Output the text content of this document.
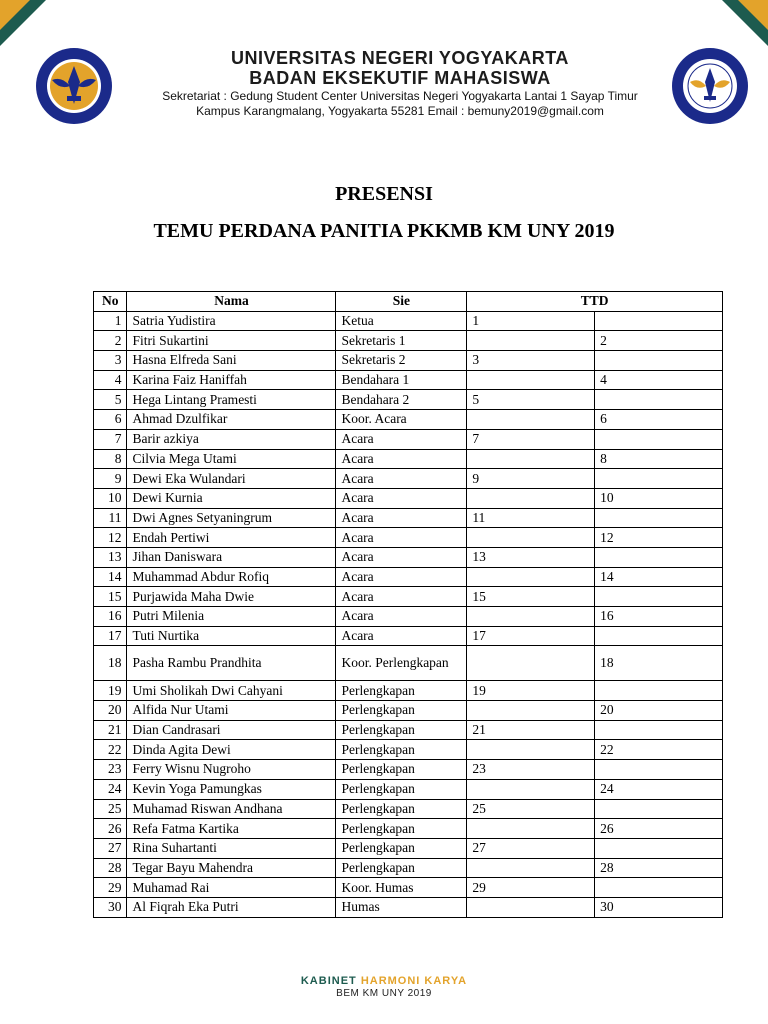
UNIVERSITAS NEGERI YOGYAKARTA
BADAN EKSEKUTIF MAHASISWA
Sekretariat : Gedung Student Center Universitas Negeri Yogyakarta Lantai 1 Sayap Timur
Kampus Karangmalang, Yogyakarta 55281 Email : bemuny2019@gmail.com
PRESENSI
TEMU PERDANA PANITIA PKKMB KM UNY 2019
No	Nama	Sie	TTD	
1	Satria Yudistira	Ketua	1	
2	Fitri Sukartini	Sekretaris 1		2
3	Hasna Elfreda Sani	Sekretaris 2	3	
4	Karina Faiz Haniffah	Bendahara 1		4
5	Hega Lintang Pramesti	Bendahara 2	5	
6	Ahmad Dzulfikar	Koor. Acara		6
7	Barir azkiya	Acara	7	
8	Cilvia Mega Utami	Acara		8
9	Dewi Eka Wulandari	Acara	9	
10	Dewi Kurnia	Acara		10
11	Dwi Agnes Setyaningrum	Acara	11	
12	Endah Pertiwi	Acara		12
13	Jihan Daniswara	Acara	13	
14	Muhammad Abdur Rofiq	Acara		14
15	Purjawida Maha Dwie	Acara	15	
16	Putri Milenia	Acara		16
17	Tuti Nurtika	Acara	17	
18	Pasha Rambu Prandhita	Koor. Perlengkapan		18
19	Umi Sholikah Dwi Cahyani	Perlengkapan	19	
20	Alfida Nur Utami	Perlengkapan		20
21	Dian Candrasari	Perlengkapan	21	
22	Dinda Agita Dewi	Perlengkapan		22
23	Ferry Wisnu Nugroho	Perlengkapan	23	
24	Kevin Yoga Pamungkas	Perlengkapan		24
25	Muhamad Riswan Andhana	Perlengkapan	25	
26	Refa Fatma Kartika	Perlengkapan		26
27	Rina Suhartanti	Perlengkapan	27	
28	Tegar Bayu Mahendra	Perlengkapan		28
29	Muhamad Rai	Koor. Humas	29	
30	Al Fiqrah Eka Putri	Humas		30
KABINET HARMONI KARYA
BEM KM UNY 2019
